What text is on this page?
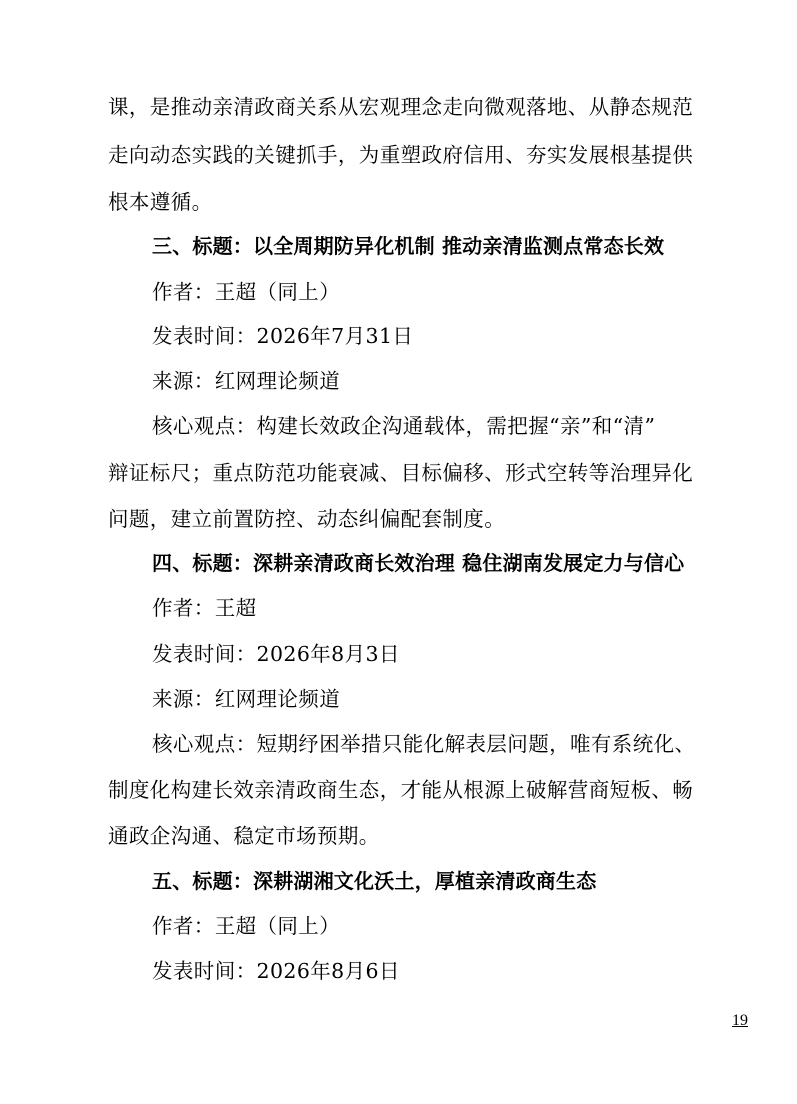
课，是推动亲清政商关系从宏观理念走向微观落地、从静态规范
走向动态实践的关键抓手，为重塑政府信用、夯实发展根基提供
根本遵循。
三、标题：以全周期防异化机制 推动亲清监测点常态长效
作者：王超（同上）
发表时间：2026年7月31日
来源：红网理论频道
核心观点：构建长效政企沟通载体，需把握“亲”和“清”
辩证标尺；重点防范功能衰减、目标偏移、形式空转等治理异化
问题，建立前置防控、动态纠偏配套制度。
四、标题：深耕亲清政商长效治理 稳住湖南发展定力与信心
作者：王超
发表时间：2026年8月3日
来源：红网理论频道
核心观点：短期纾困举措只能化解表层问题，唯有系统化、
制度化构建长效亲清政商生态，才能从根源上破解营商短板、畅
通政企沟通、稳定市场预期。
五、标题：深耕湖湘文化沃土，厚植亲清政商生态
作者：王超（同上）
发表时间：2026年8月6日
19
